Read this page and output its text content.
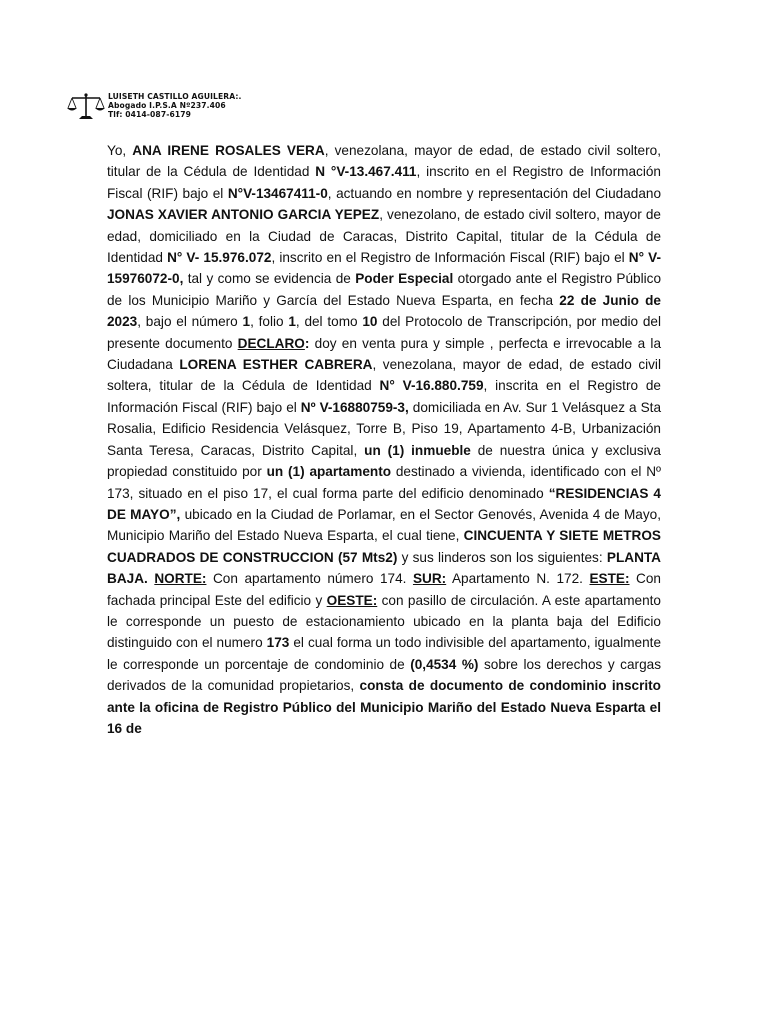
LUISETH CASTILLO AGUILERA:.
Abogado I.P.S.A Nº237.406
Tlf: 0414-087-6179

Yo, ANA IRENE ROSALES VERA, venezolana, mayor de edad, de estado civil soltero, titular de la Cédula de Identidad N °V-13.467.411, inscrito en el Registro de Información Fiscal (RIF) bajo el N°V-13467411-0, actuando en nombre y representación del Ciudadano JONAS XAVIER ANTONIO GARCIA YEPEZ, venezolano, de estado civil soltero, mayor de edad, domiciliado en la Ciudad de Caracas, Distrito Capital, titular de la Cédula de Identidad N° V- 15.976.072, inscrito en el Registro de Información Fiscal (RIF) bajo el N° V- 15976072-0, tal y como se evidencia de Poder Especial otorgado ante el Registro Público de los Municipio Mariño y García del Estado Nueva Esparta, en fecha 22 de Junio de 2023, bajo el número 1, folio 1, del tomo 10 del Protocolo de Transcripción, por medio del presente documento DECLARO: doy en venta pura y simple , perfecta e irrevocable a la Ciudadana LORENA ESTHER CABRERA, venezolana, mayor de edad, de estado civil soltera, titular de la Cédula de Identidad N° V-16.880.759, inscrita en el Registro de Información Fiscal (RIF) bajo el Nº V-16880759-3, domiciliada en Av. Sur 1 Velásquez a Sta Rosalia, Edificio Residencia Velásquez, Torre B, Piso 19, Apartamento 4-B, Urbanización Santa Teresa, Caracas, Distrito Capital, un (1) inmueble de nuestra única y exclusiva propiedad constituido por un (1) apartamento destinado a vivienda, identificado con el Nº 173, situado en el piso 17, el cual forma parte del edificio denominado “RESIDENCIAS 4 DE MAYO”, ubicado en la Ciudad de Porlamar, en el Sector Genovés, Avenida 4 de Mayo, Municipio Mariño del Estado Nueva Esparta, el cual tiene, CINCUENTA Y SIETE METROS CUADRADOS DE CONSTRUCCION (57 Mts2) y sus linderos son los siguientes: PLANTA BAJA. NORTE: Con apartamento número 174. SUR: Apartamento N. 172. ESTE: Con fachada principal Este del edificio y OESTE: con pasillo de circulación. A este apartamento le corresponde un puesto de estacionamiento ubicado en la planta baja del Edificio distinguido con el numero 173 el cual forma un todo indivisible del apartamento, igualmente le corresponde un porcentaje de condominio de (0,4534 %) sobre los derechos y cargas derivados de la comunidad propietarios, consta de documento de condominio inscrito ante la oficina de Registro Público del Municipio Mariño del Estado Nueva Esparta el 16 de
